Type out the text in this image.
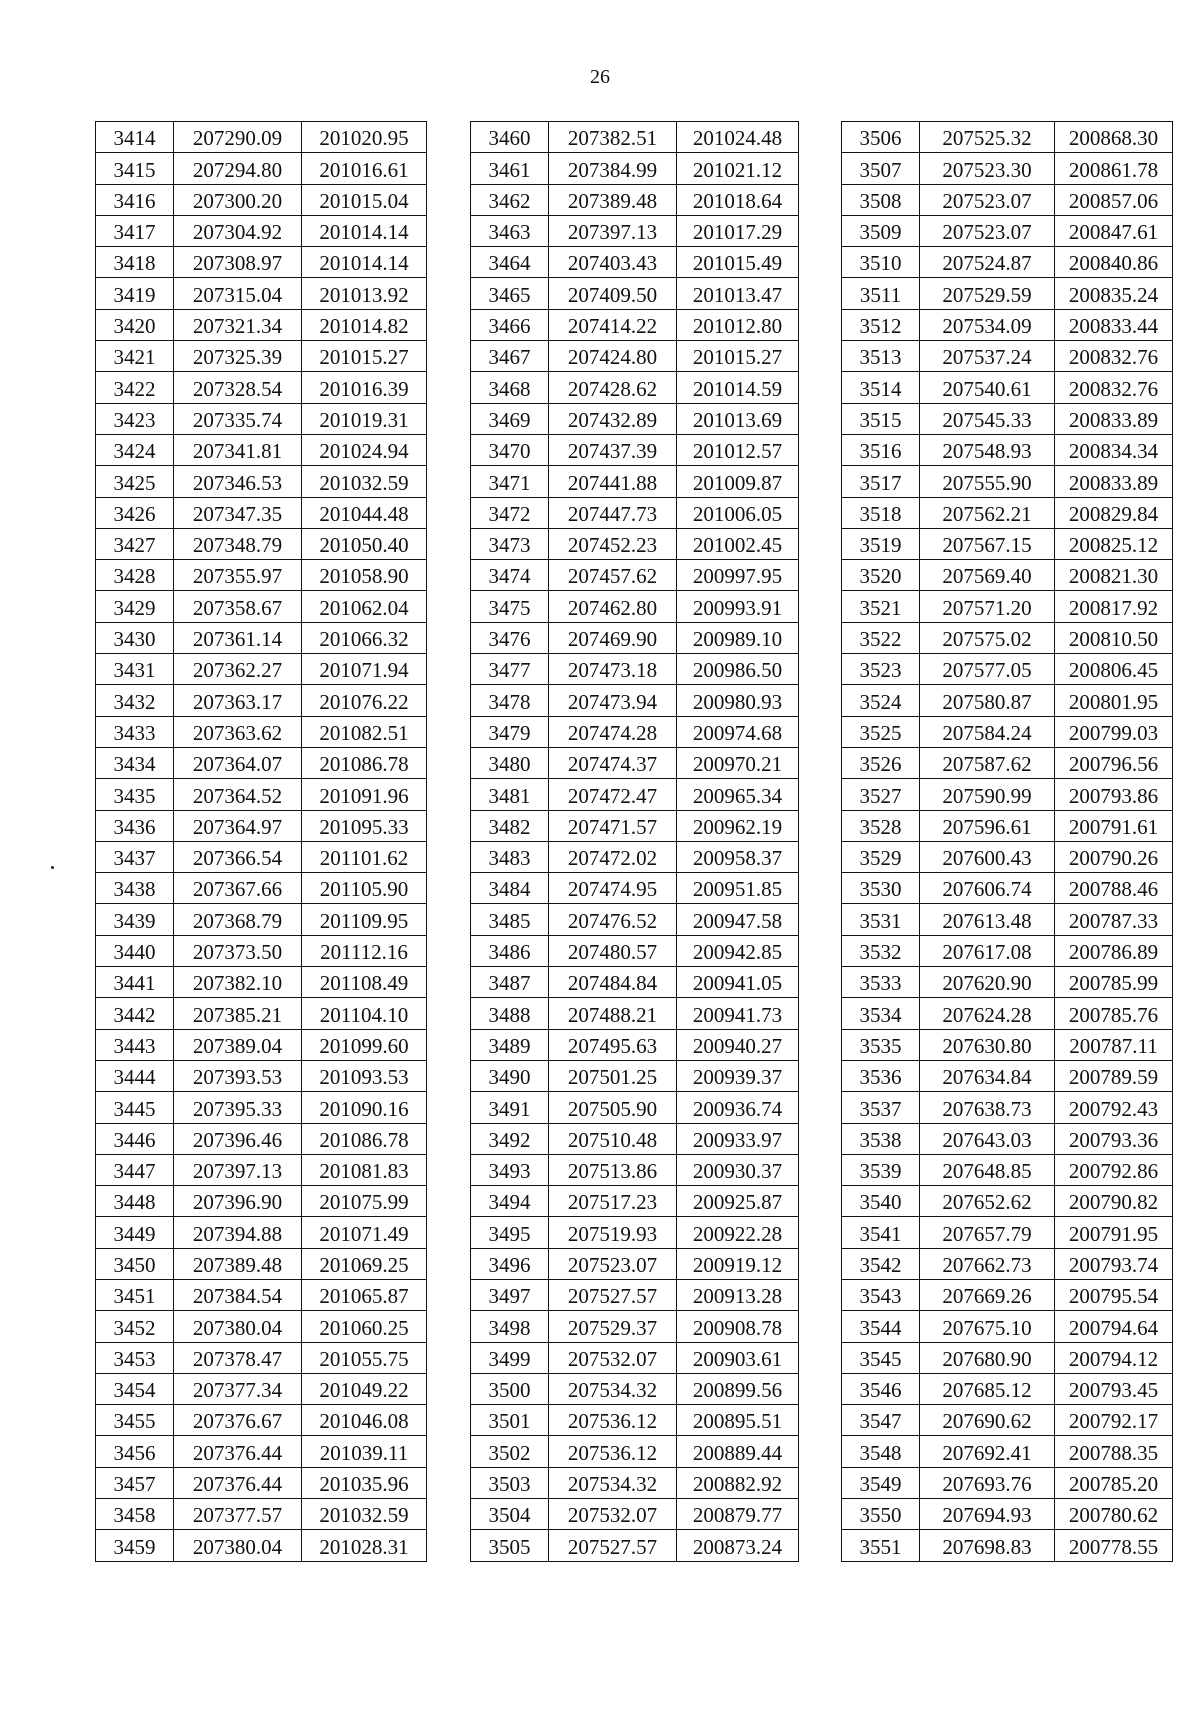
26
3414	207290.09	201020.95
3415	207294.80	201016.61
3416	207300.20	201015.04
3417	207304.92	201014.14
3418	207308.97	201014.14
3419	207315.04	201013.92
3420	207321.34	201014.82
3421	207325.39	201015.27
3422	207328.54	201016.39
3423	207335.74	201019.31
3424	207341.81	201024.94
3425	207346.53	201032.59
3426	207347.35	201044.48
3427	207348.79	201050.40
3428	207355.97	201058.90
3429	207358.67	201062.04
3430	207361.14	201066.32
3431	207362.27	201071.94
3432	207363.17	201076.22
3433	207363.62	201082.51
3434	207364.07	201086.78
3435	207364.52	201091.96
3436	207364.97	201095.33
3437	207366.54	201101.62
3438	207367.66	201105.90
3439	207368.79	201109.95
3440	207373.50	201112.16
3441	207382.10	201108.49
3442	207385.21	201104.10
3443	207389.04	201099.60
3444	207393.53	201093.53
3445	207395.33	201090.16
3446	207396.46	201086.78
3447	207397.13	201081.83
3448	207396.90	201075.99
3449	207394.88	201071.49
3450	207389.48	201069.25
3451	207384.54	201065.87
3452	207380.04	201060.25
3453	207378.47	201055.75
3454	207377.34	201049.22
3455	207376.67	201046.08
3456	207376.44	201039.11
3457	207376.44	201035.96
3458	207377.57	201032.59
3459	207380.04	201028.31
3460	207382.51	201024.48
3461	207384.99	201021.12
3462	207389.48	201018.64
3463	207397.13	201017.29
3464	207403.43	201015.49
3465	207409.50	201013.47
3466	207414.22	201012.80
3467	207424.80	201015.27
3468	207428.62	201014.59
3469	207432.89	201013.69
3470	207437.39	201012.57
3471	207441.88	201009.87
3472	207447.73	201006.05
3473	207452.23	201002.45
3474	207457.62	200997.95
3475	207462.80	200993.91
3476	207469.90	200989.10
3477	207473.18	200986.50
3478	207473.94	200980.93
3479	207474.28	200974.68
3480	207474.37	200970.21
3481	207472.47	200965.34
3482	207471.57	200962.19
3483	207472.02	200958.37
3484	207474.95	200951.85
3485	207476.52	200947.58
3486	207480.57	200942.85
3487	207484.84	200941.05
3488	207488.21	200941.73
3489	207495.63	200940.27
3490	207501.25	200939.37
3491	207505.90	200936.74
3492	207510.48	200933.97
3493	207513.86	200930.37
3494	207517.23	200925.87
3495	207519.93	200922.28
3496	207523.07	200919.12
3497	207527.57	200913.28
3498	207529.37	200908.78
3499	207532.07	200903.61
3500	207534.32	200899.56
3501	207536.12	200895.51
3502	207536.12	200889.44
3503	207534.32	200882.92
3504	207532.07	200879.77
3505	207527.57	200873.24
3506	207525.32	200868.30
3507	207523.30	200861.78
3508	207523.07	200857.06
3509	207523.07	200847.61
3510	207524.87	200840.86
3511	207529.59	200835.24
3512	207534.09	200833.44
3513	207537.24	200832.76
3514	207540.61	200832.76
3515	207545.33	200833.89
3516	207548.93	200834.34
3517	207555.90	200833.89
3518	207562.21	200829.84
3519	207567.15	200825.12
3520	207569.40	200821.30
3521	207571.20	200817.92
3522	207575.02	200810.50
3523	207577.05	200806.45
3524	207580.87	200801.95
3525	207584.24	200799.03
3526	207587.62	200796.56
3527	207590.99	200793.86
3528	207596.61	200791.61
3529	207600.43	200790.26
3530	207606.74	200788.46
3531	207613.48	200787.33
3532	207617.08	200786.89
3533	207620.90	200785.99
3534	207624.28	200785.76
3535	207630.80	200787.11
3536	207634.84	200789.59
3537	207638.73	200792.43
3538	207643.03	200793.36
3539	207648.85	200792.86
3540	207652.62	200790.82
3541	207657.79	200791.95
3542	207662.73	200793.74
3543	207669.26	200795.54
3544	207675.10	200794.64
3545	207680.90	200794.12
3546	207685.12	200793.45
3547	207690.62	200792.17
3548	207692.41	200788.35
3549	207693.76	200785.20
3550	207694.93	200780.62
3551	207698.83	200778.55
